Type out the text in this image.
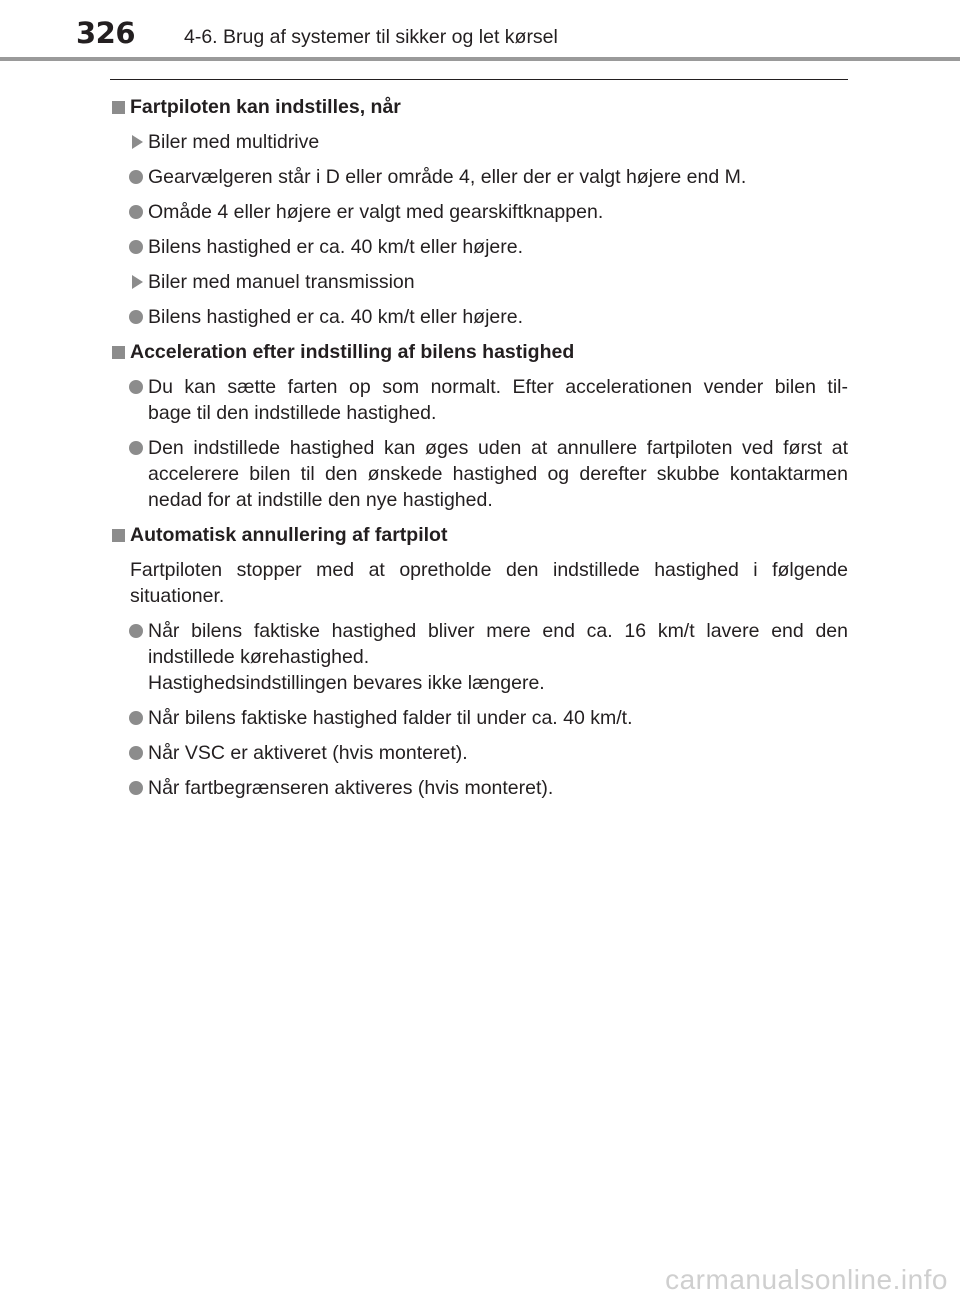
326	4-6. Brug af systemer til sikker og let kørsel
Fartpiloten kan indstilles, når
Biler med multidrive
Gearvælgeren står i D eller område 4, eller der er valgt højere end M.
Omåde 4 eller højere er valgt med gearskiftknappen.
Bilens hastighed er ca. 40 km/t eller højere.
Biler med manuel transmission
Bilens hastighed er ca. 40 km/t eller højere.
Acceleration efter indstilling af bilens hastighed
Du kan sætte farten op som normalt. Efter accelerationen vender bilen til-
bage til den indstillede hastighed.
Den indstillede hastighed kan øges uden at annullere fartpiloten ved først at
accelerere bilen til den ønskede hastighed og derefter skubbe kontaktarmen
nedad for at indstille den nye hastighed.
Automatisk annullering af fartpilot
Fartpiloten stopper med at opretholde den indstillede hastighed i følgende
situationer.
Når bilens faktiske hastighed bliver mere end ca. 16 km/t lavere end den
indstillede kørehastighed.
Hastighedsindstillingen bevares ikke længere.
Når bilens faktiske hastighed falder til under ca. 40 km/t.
Når VSC er aktiveret (hvis monteret).
Når fartbegrænseren aktiveres (hvis monteret).
carmanualsonline.info
